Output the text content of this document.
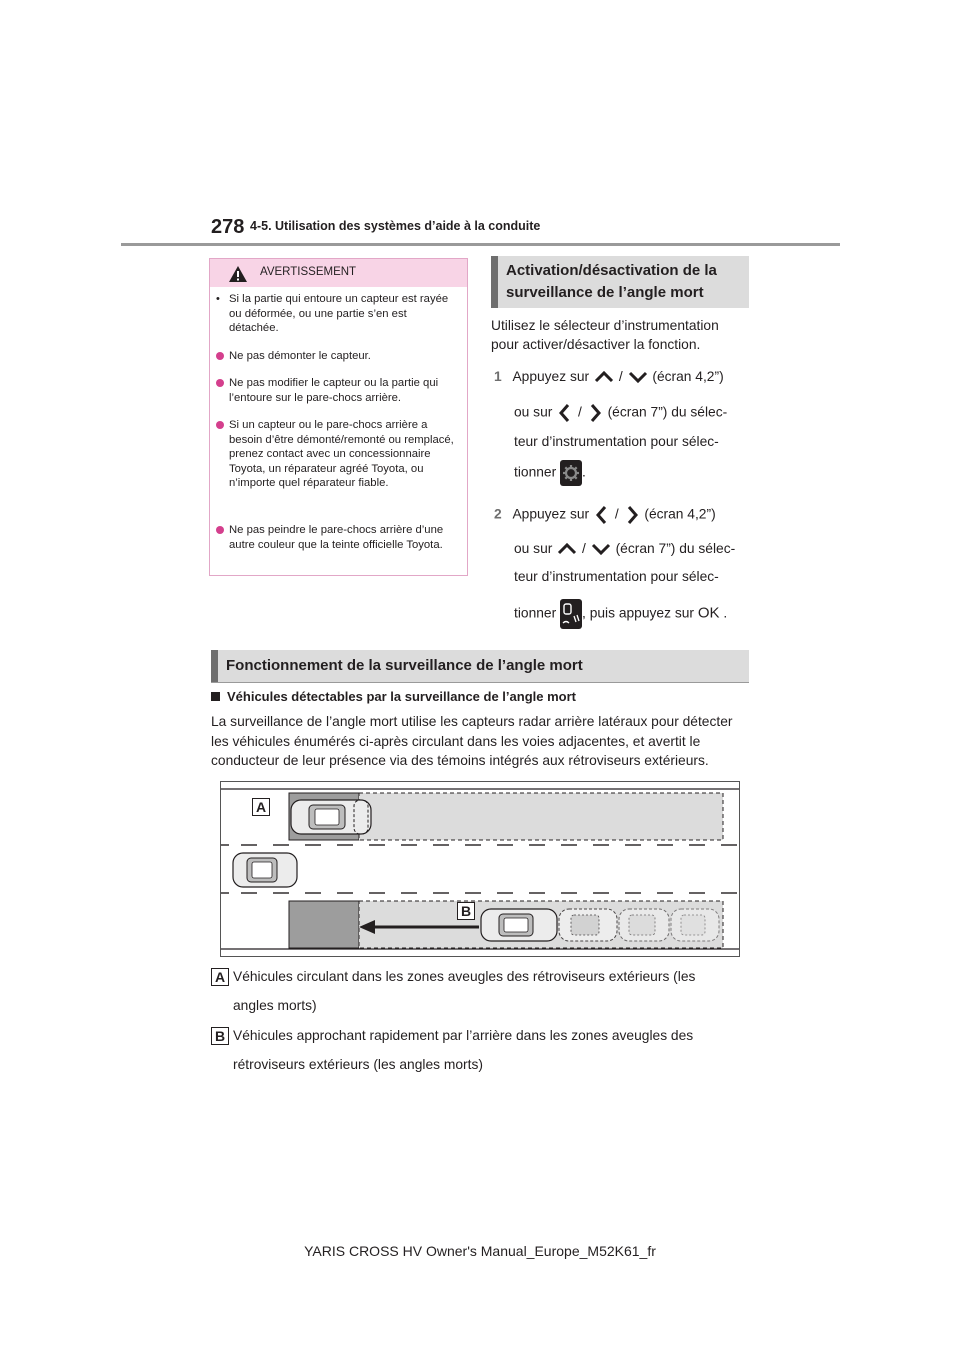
278 4-5. Utilisation des systèmes d’aide à la conduite
AVERTISSEMENT
• Si la partie qui entoure un capteur est rayée ou déformée, ou une partie s’en est détachée.
Ne pas démonter le capteur.
Ne pas modifier le capteur ou la partie qui l’entoure sur le pare-chocs arrière.
Si un capteur ou le pare-chocs arrière a besoin d’être démonté/remonté ou remplacé, prenez contact avec un concessionnaire Toyota, un réparateur agréé Toyota, ou n’importe quel réparateur fiable.
Ne pas peindre le pare-chocs arrière d’une autre couleur que la teinte officielle Toyota.
Activation/désactivation de la
surveillance de l’angle mort
Utilisez le sélecteur d’instrumentation
pour activer/désactiver la fonction.
1 Appuyez sur / (écran 4,2”)
ou sur / (écran 7”) du sélec-
teur d’instrumentation pour sélec-
tionner .
2 Appuyez sur / (écran 4,2”)
ou sur / (écran 7”) du sélec-
teur d’instrumentation pour sélec-
tionner , puis appuyez sur OK .
Fonctionnement de la surveillance de l’angle mort
Véhicules détectables par la surveillance de l’angle mort
La surveillance de l’angle mort utilise les capteurs radar arrière latéraux pour détecter les véhicules énumérés ci-après circulant dans les voies adjacentes, et avertit le conducteur de leur présence via des témoins intégrés aux rétroviseurs extérieurs.
A
B
A Véhicules circulant dans les zones aveugles des rétroviseurs extérieurs (les
angles morts)
B Véhicules approchant rapidement par l’arrière dans les zones aveugles des
rétroviseurs extérieurs (les angles morts)
YARIS CROSS HV Owner's Manual_Europe_M52K61_fr
